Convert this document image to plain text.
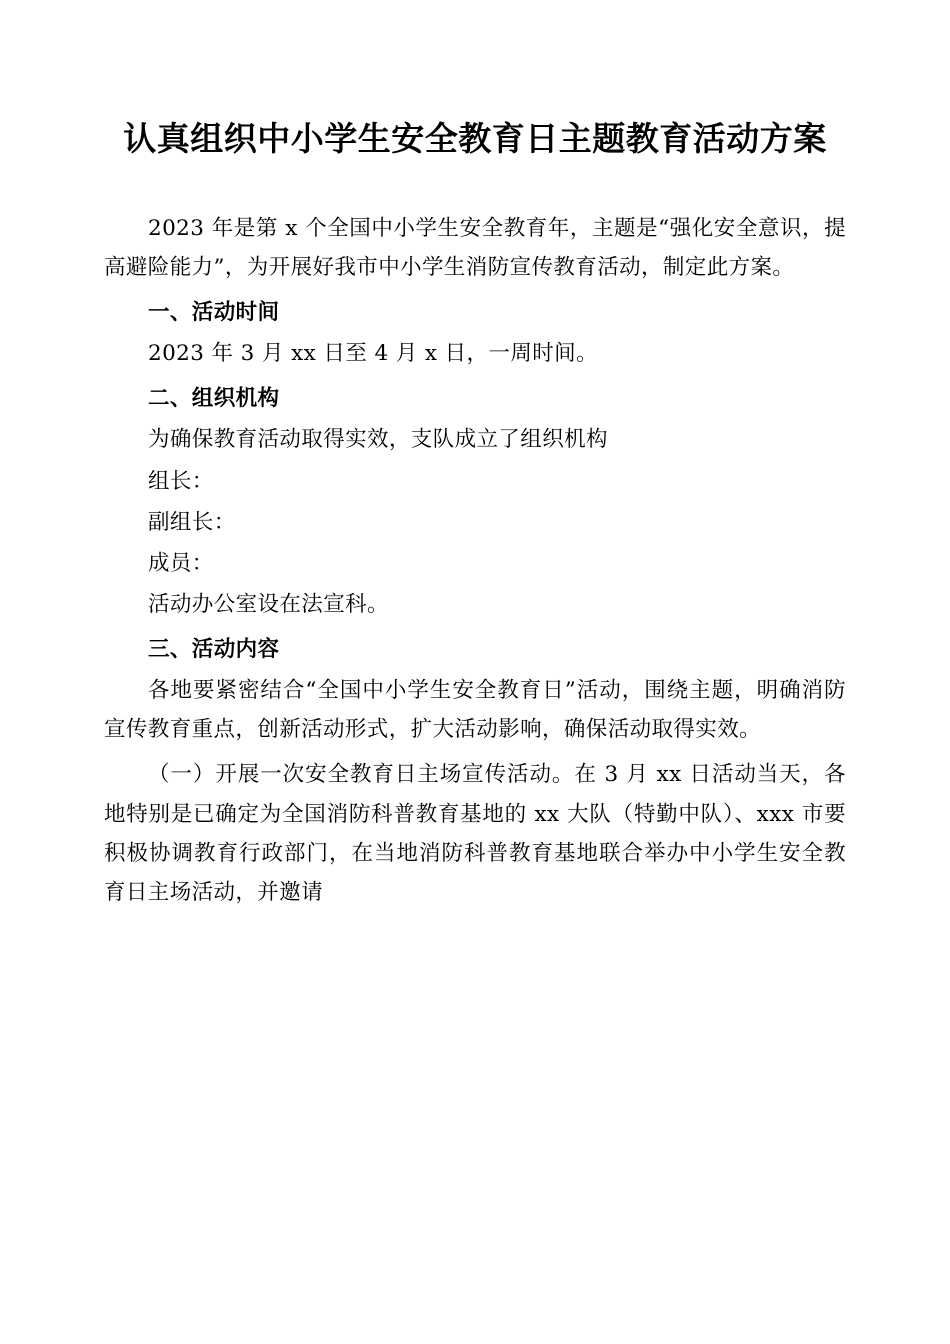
认真组织中小学生安全教育日主题教育活动方案

2023 年是第 x 个全国中小学生安全教育年，主题是“强化安全意识，提高避险能力”，为开展好我市中小学生消防宣传教育活动，制定此方案。

一、活动时间

2023 年 3 月 xx 日至 4 月 x 日，一周时间。

二、组织机构

为确保教育活动取得实效，支队成立了组织机构

组长：

副组长：

成员：

活动办公室设在法宣科。

三、活动内容

各地要紧密结合“全国中小学生安全教育日”活动，围绕主题，明确消防宣传教育重点，创新活动形式，扩大活动影响，确保活动取得实效。

（一）开展一次安全教育日主场宣传活动。在 3 月 xx 日活动当天，各地特别是已确定为全国消防科普教育基地的 xx 大队（特勤中队）、xxx 市要积极协调教育行政部门，在当地消防科普教育基地联合举办中小学生安全教育日主场活动，并邀请
